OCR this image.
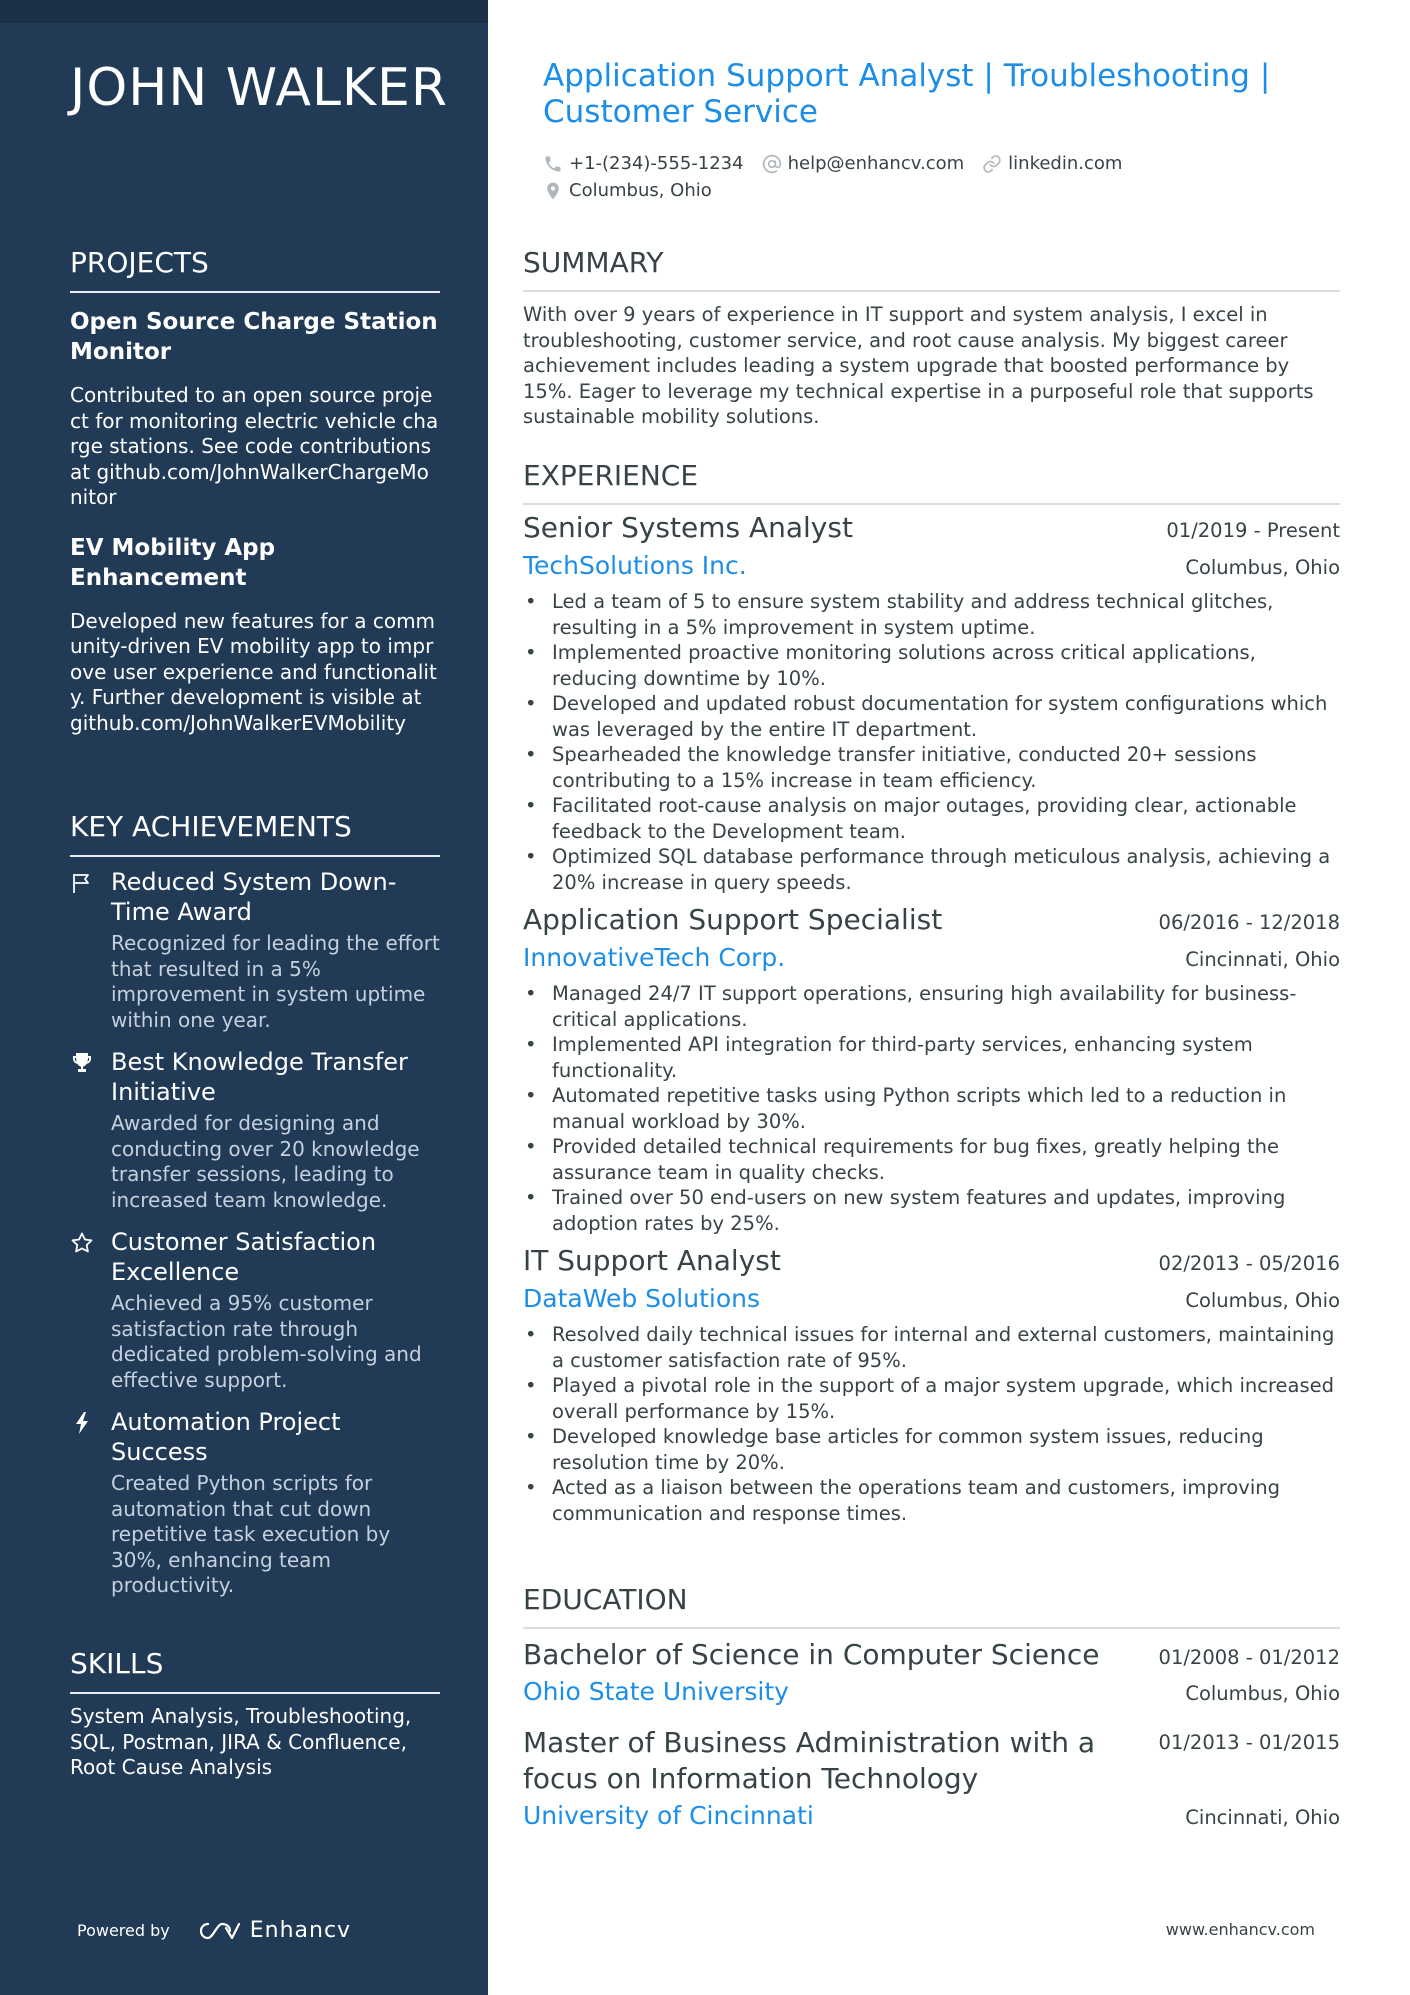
JOHN WALKER
PROJECTS
Open Source Charge Station Monitor
Contributed to an open source project for monitoring electric vehicle charge stations. See code contributions at github.com/JohnWalkerChargeMonitor
EV Mobility App Enhancement
Developed new features for a community-driven EV mobility app to improve user experience and functionality. Further development is visible at github.com/JohnWalkerEVMobility
KEY ACHIEVEMENTS
Reduced System Down-Time Award
Recognized for leading the effort that resulted in a 5% improvement in system uptime within one year.
Best Knowledge Transfer Initiative
Awarded for designing and conducting over 20 knowledge transfer sessions, leading to increased team knowledge.
Customer Satisfaction Excellence
Achieved a 95% customer satisfaction rate through dedicated problem-solving and effective support.
Automation Project Success
Created Python scripts for automation that cut down repetitive task execution by 30%, enhancing team productivity.
SKILLS
System Analysis, Troubleshooting, SQL, Postman, JIRA & Confluence, Root Cause Analysis
Powered by	Enhancv
Application Support Analyst | Troubleshooting | Customer Service
+1-(234)-555-1234 help@enhancv.com linkedin.com
Columbus, Ohio
SUMMARY
With over 9 years of experience in IT support and system analysis, I excel in troubleshooting, customer service, and root cause analysis. My biggest career achievement includes leading a system upgrade that boosted performance by 15%. Eager to leverage my technical expertise in a purposeful role that supports sustainable mobility solutions.
EXPERIENCE
Senior Systems Analyst	01/2019 - Present
TechSolutions Inc.	Columbus, Ohio
• Led a team of 5 to ensure system stability and address technical glitches, resulting in a 5% improvement in system uptime.
• Implemented proactive monitoring solutions across critical applications, reducing downtime by 10%.
• Developed and updated robust documentation for system configurations which was leveraged by the entire IT department.
• Spearheaded the knowledge transfer initiative, conducted 20+ sessions contributing to a 15% increase in team efficiency.
• Facilitated root-cause analysis on major outages, providing clear, actionable feedback to the Development team.
• Optimized SQL database performance through meticulous analysis, achieving a 20% increase in query speeds.
Application Support Specialist	06/2016 - 12/2018
InnovativeTech Corp.	Cincinnati, Ohio
• Managed 24/7 IT support operations, ensuring high availability for business-critical applications.
• Implemented API integration for third-party services, enhancing system functionality.
• Automated repetitive tasks using Python scripts which led to a reduction in manual workload by 30%.
• Provided detailed technical requirements for bug fixes, greatly helping the assurance team in quality checks.
• Trained over 50 end-users on new system features and updates, improving adoption rates by 25%.
IT Support Analyst	02/2013 - 05/2016
DataWeb Solutions	Columbus, Ohio
• Resolved daily technical issues for internal and external customers, maintaining a customer satisfaction rate of 95%.
• Played a pivotal role in the support of a major system upgrade, which increased overall performance by 15%.
• Developed knowledge base articles for common system issues, reducing resolution time by 20%.
• Acted as a liaison between the operations team and customers, improving communication and response times.
EDUCATION
Bachelor of Science in Computer Science	01/2008 - 01/2012
Ohio State University	Columbus, Ohio
Master of Business Administration with a focus on Information Technology
01/2013 - 01/2015
University of Cincinnati	Cincinnati, Ohio
www.enhancv.com
